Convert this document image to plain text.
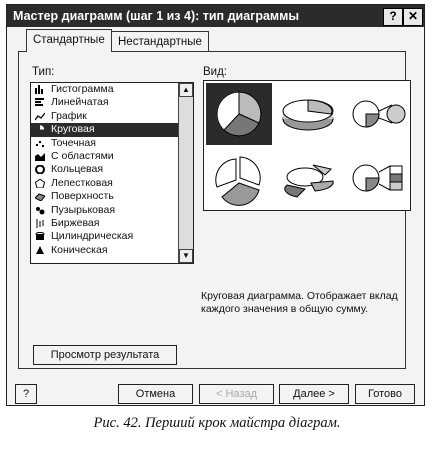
Мастер диаграмм (шаг 1 из 4): тип диаграммы	? ✕
Стандартные	Нестандартные
Тип:	Вид:
Гистограмма
Линейчатая
График
Круговая
Точечная
С областями
Кольцевая
Лепестковая
Поверхность
Пузырьковая
Биржевая
Цилиндрическая
Коническая
▲
▼
Круговая диаграмма. Отображает вклад каждого значения в общую сумму.
Просмотр результата
?	Отмена	< Назад	Далее >	Готово
Рис. 42. Перший крок майстра діаграм.
